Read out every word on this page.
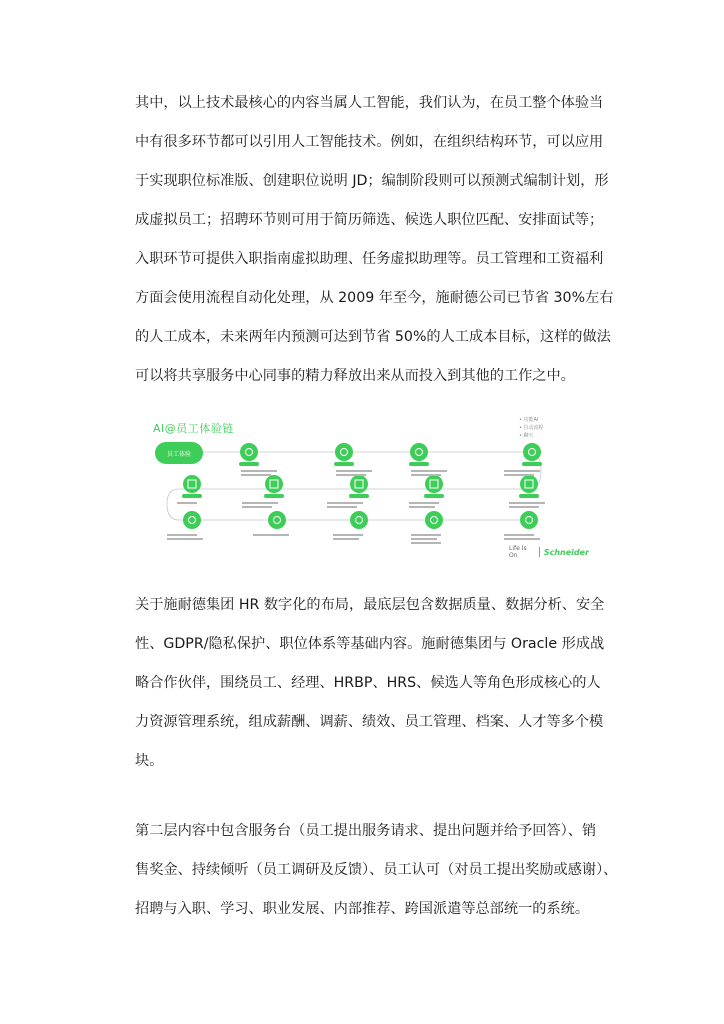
其中，以上技术最核心的内容当属人工智能，我们认为，在员工整个体验当
中有很多环节都可以引用人工智能技术。例如，在组织结构环节，可以应用
于实现职位标准版、创建职位说明 JD；编制阶段则可以预测式编制计划，形
成虚拟员工；招聘环节则可用于简历筛选、候选人职位匹配、安排面试等；
入职环节可提供入职指南虚拟助理、任务虚拟助理等。员工管理和工资福利
方面会使用流程自动化处理，从 2009 年至今，施耐德公司已节省 30%左右
的人工成本，未来两年内预测可达到节省 50%的人工成本目标，这样的做法
可以将共享服务中心同事的精力释放出来从而投入到其他的工作之中。
员工体验
AI@员工体验链
• 功能AI
• 自动流程
• 聊天
Life Is On	Schneider
关于施耐德集团 HR 数字化的布局，最底层包含数据质量、数据分析、安全
性、GDPR/隐私保护、职位体系等基础内容。施耐德集团与 Oracle 形成战
略合作伙伴，围绕员工、经理、HRBP、HRS、候选人等角色形成核心的人
力资源管理系统，组成薪酬、调薪、绩效、员工管理、档案、人才等多个模
块。
第二层内容中包含服务台（员工提出服务请求、提出问题并给予回答）、销
售奖金、持续倾听（员工调研及反馈）、员工认可（对员工提出奖励或感谢）、
招聘与入职、学习、职业发展、内部推荐、跨国派遣等总部统一的系统。
